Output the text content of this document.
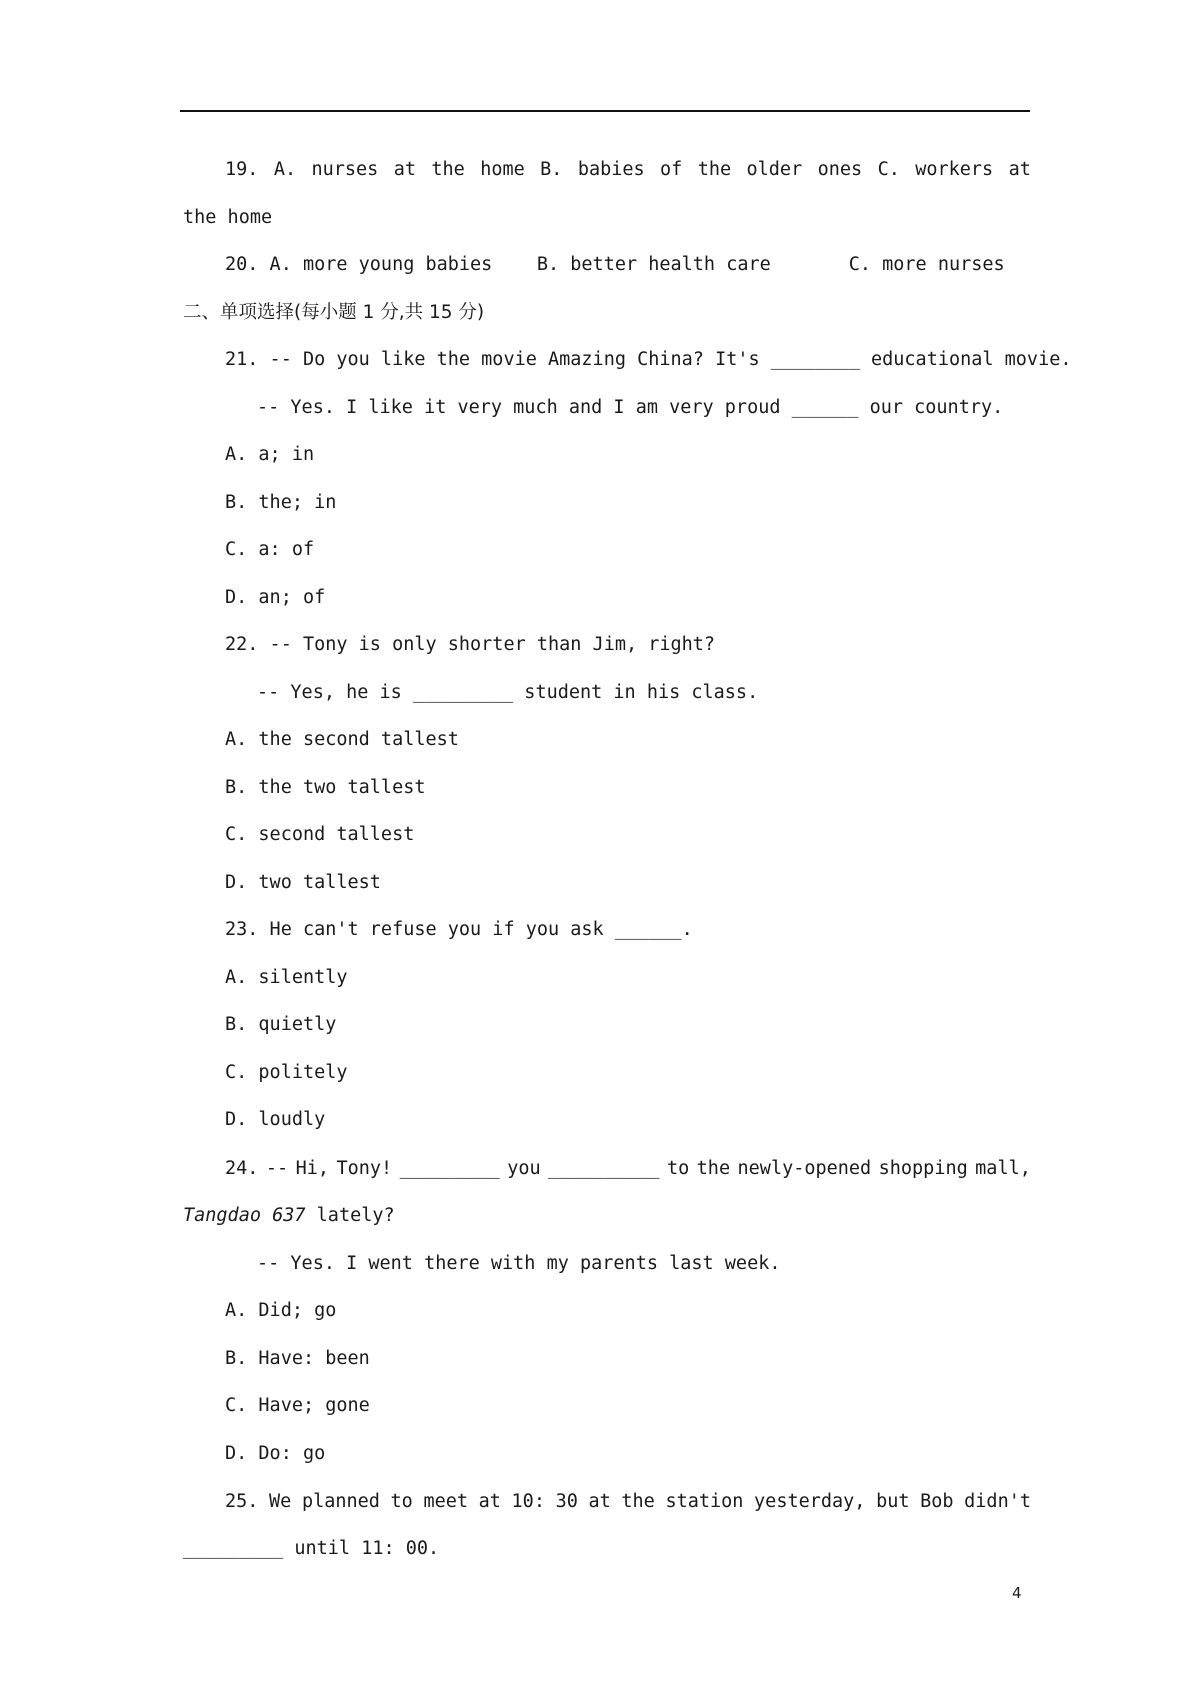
19. A. nurses at the home B. babies of the older ones C. workers at
the home
20. A. more young babies    B. better health care       C. more nurses
二、单项选择(每小题 1 分,共 15 分)
21. -- Do you like the movie Amazing China? It's ________ educational movie.
-- Yes. I like it very much and I am very proud ______ our country.
A. a; in
B. the; in
C. a: of
D. an; of
22. -- Tony is only shorter than Jim, right?
-- Yes, he is _________ student in his class.
A. the second tallest
B. the two tallest
C. second tallest
D. two tallest
23. He can't refuse you if you ask ______.
A. silently
B. quietly
C. politely
D. loudly
24. -- Hi, Tony! _________ you __________ to the newly-opened shopping mall,
Tangdao 637 lately?
-- Yes. I went there with my parents last week.
A. Did; go
B. Have: been
C. Have; gone
D. Do: go
25. We planned to meet at 10: 30 at the station yesterday, but Bob didn't
_________ until 11: 00.
4
